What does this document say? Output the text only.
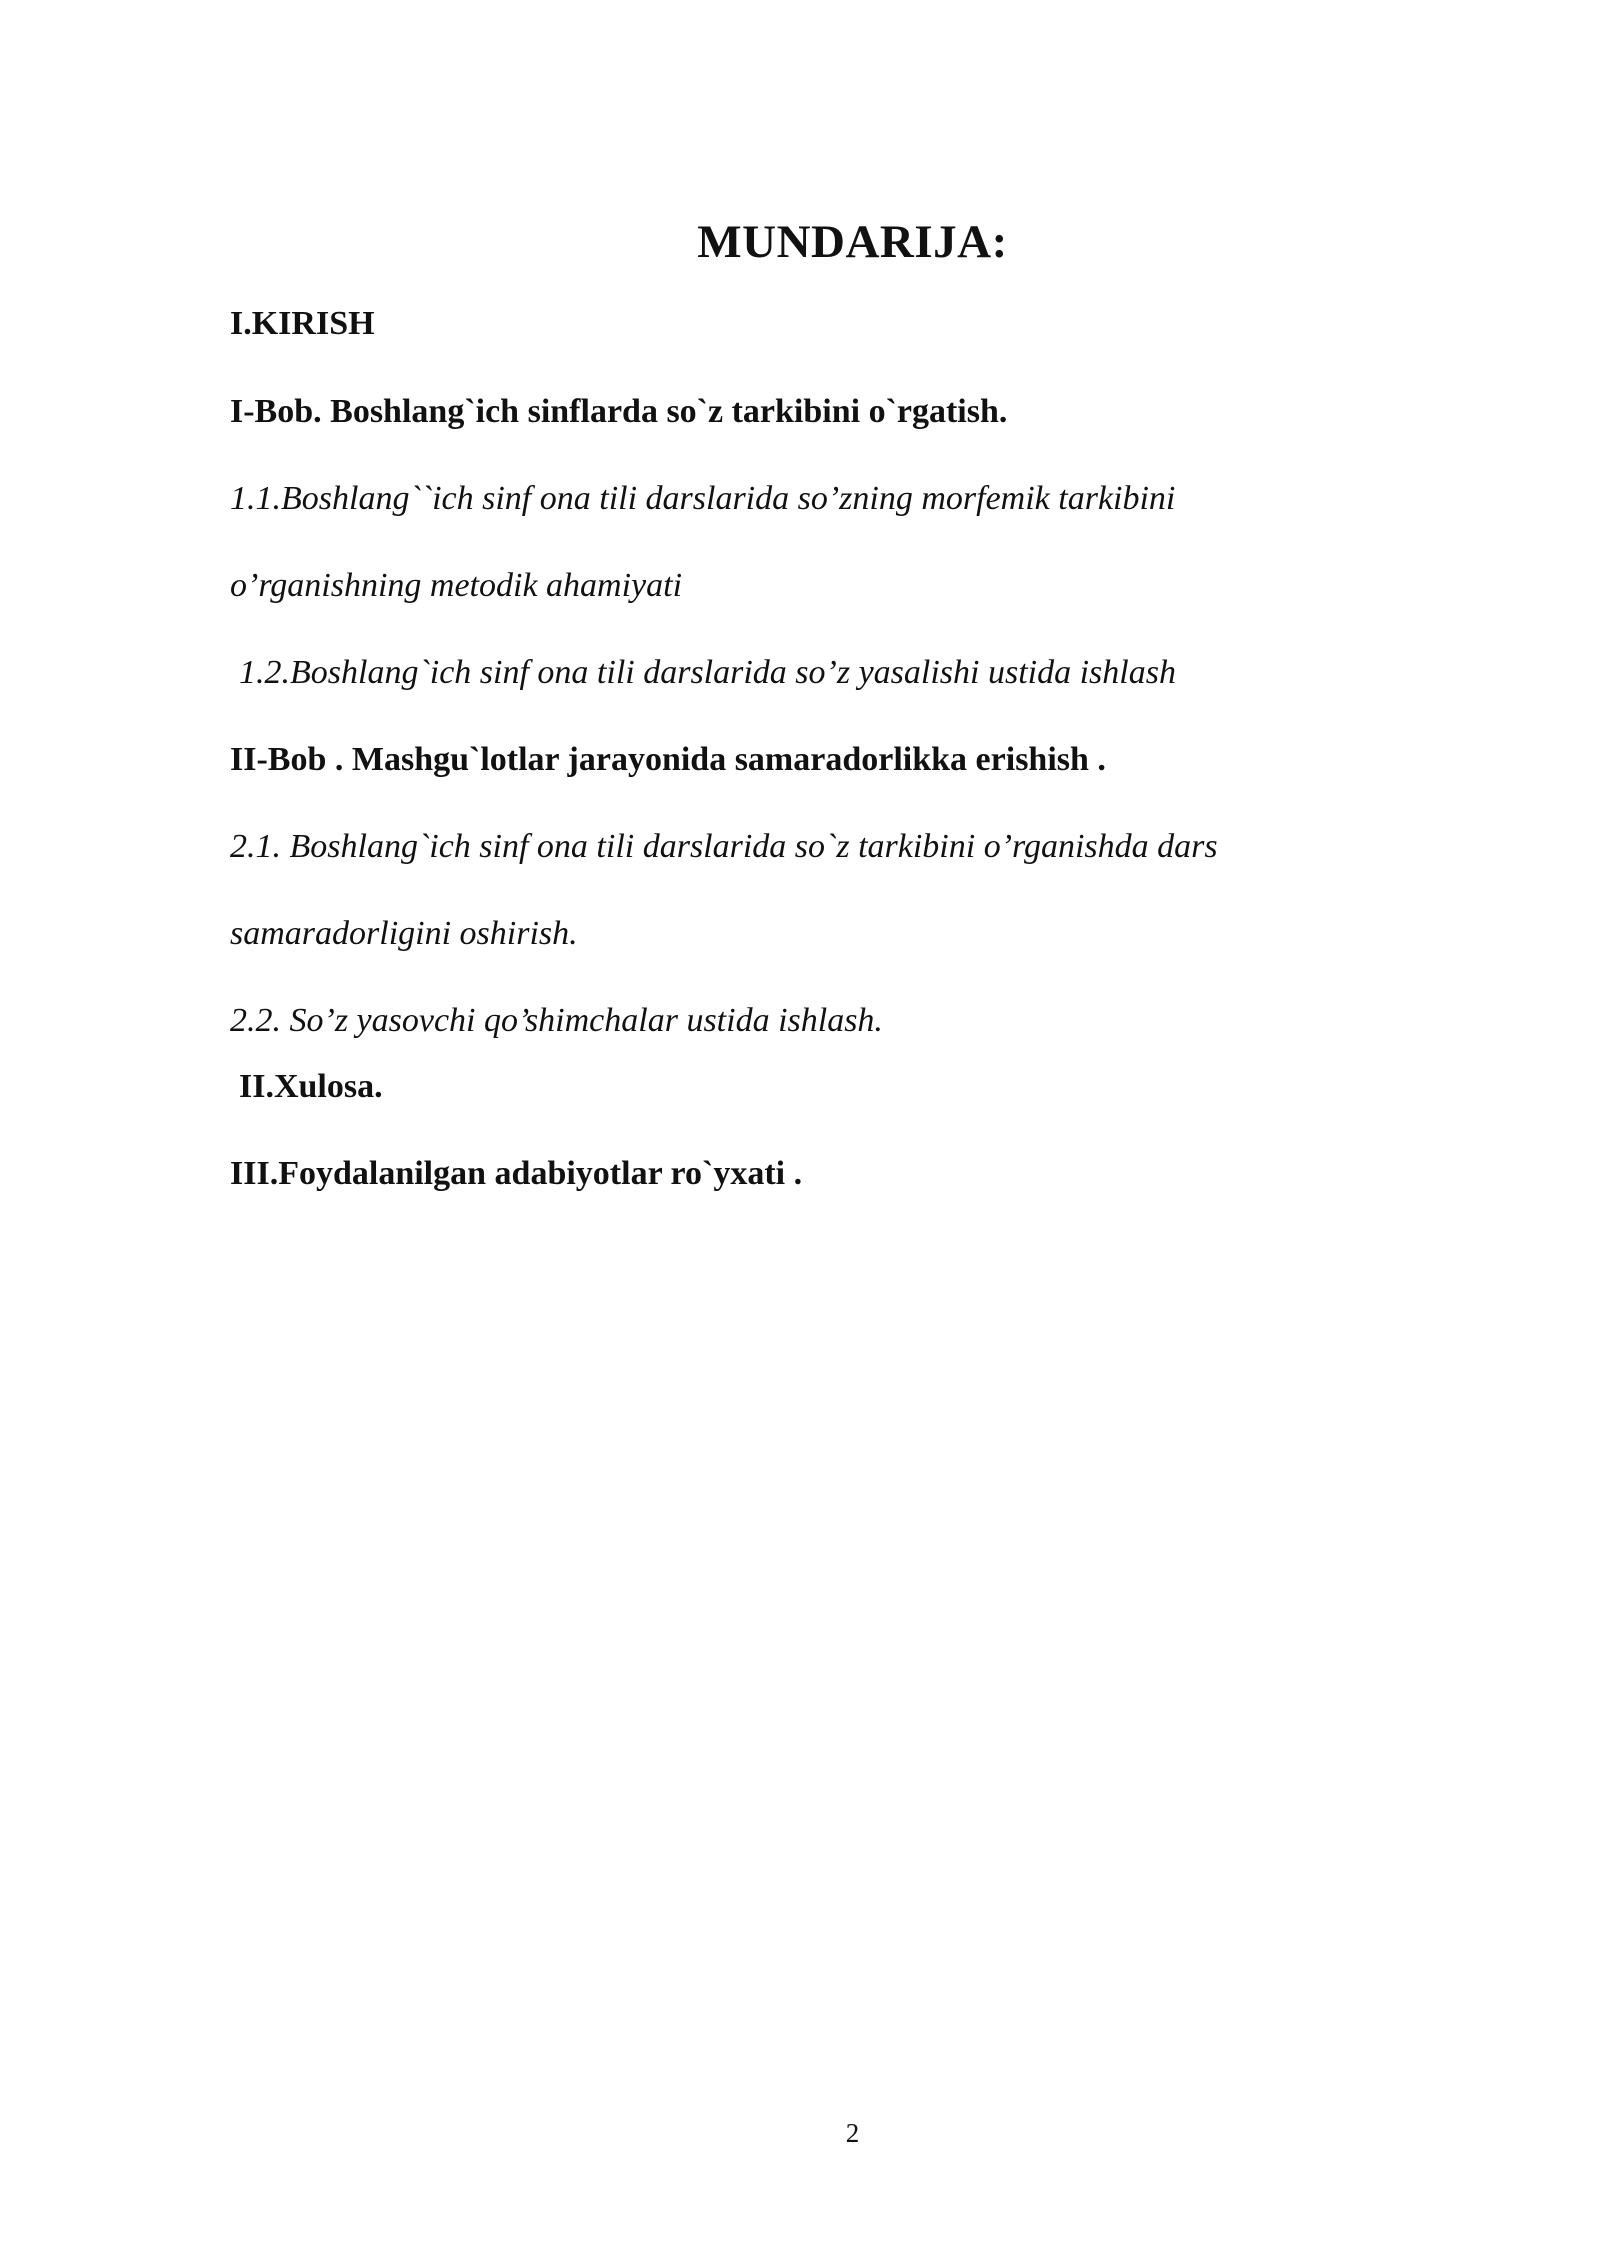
MUNDARIJA:
I.KIRISH
I-Bob. Boshlang`ich sinflarda so`z tarkibini o`rgatish.
1.1.Boshlang``ich sinf ona tili darslarida so’zning morfemik tarkibini
o’rganishning metodik ahamiyati
1.2.Boshlang`ich sinf ona tili darslarida so’z yasalishi ustida ishlash
II-Bob . Mashgu`lotlar jarayonida samaradorlikka erishish .
2.1. Boshlang`ich sinf ona tili darslarida so`z tarkibini o’rganishda dars
samaradorligini oshirish.
2.2. So’z yasovchi qo’shimchalar ustida ishlash.
II.Xulosa.
III.Foydalanilgan adabiyotlar ro`yxati .
2
